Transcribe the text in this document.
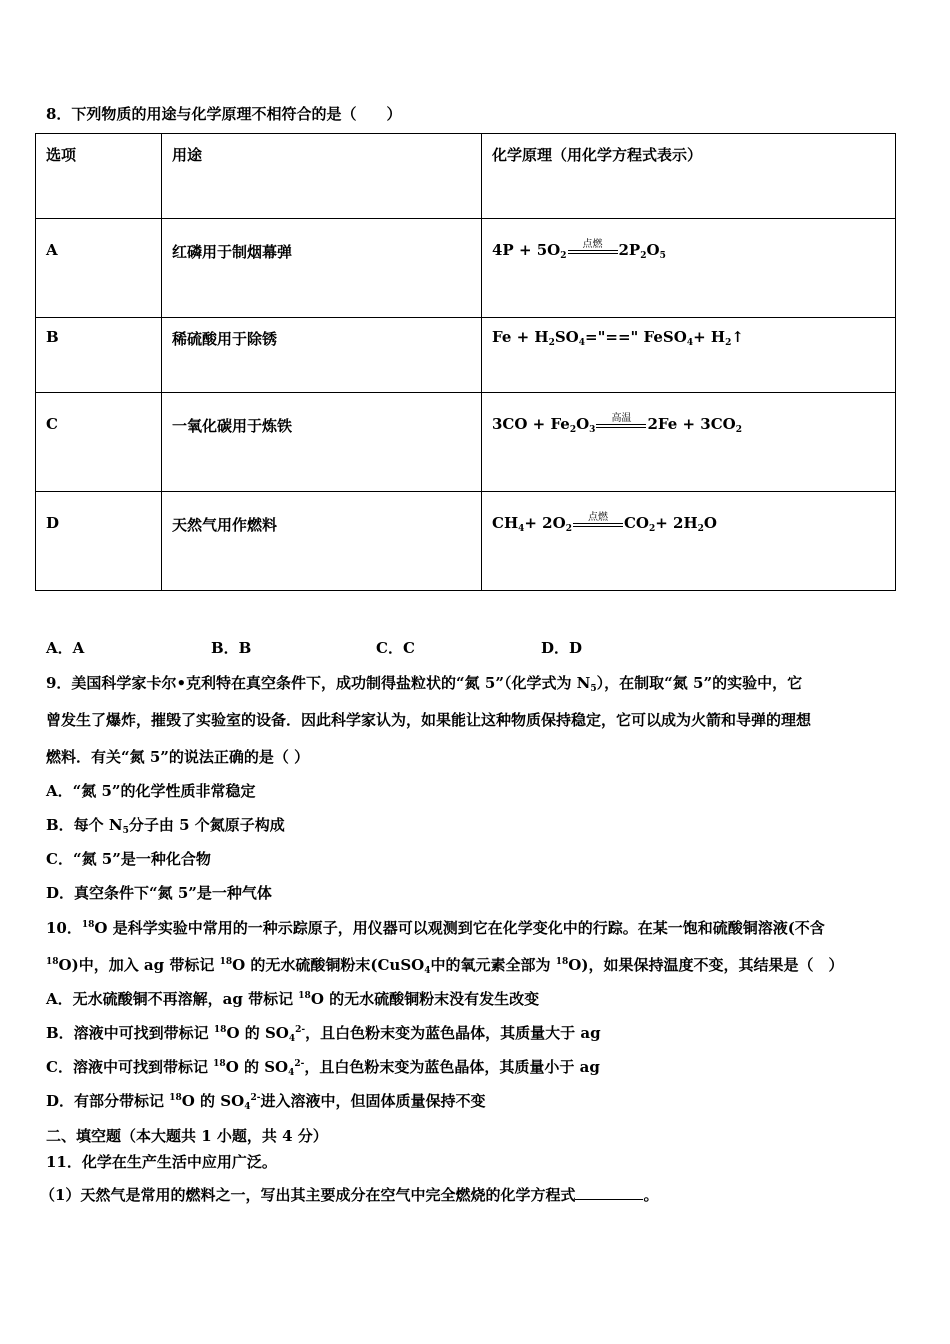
8．下列物质的用途与化学原理不相符合的是（　　）
选项	用途	化学原理（用化学方程式表示）
A	红磷用于制烟幕弹	$4P + 5O_2$
点燃 $2P_2O_5$
B	稀硫酸用于除锈	$Fe + H_2SO_4="==$" FeSO$_4$+ $H_2↑$
C	一氧化碳用于炼铁	$3CO + Fe_2O_3$
高温 $2Fe + 3CO_2$
D	天然气用作燃料	$CH_4+ 2O_2$
点燃 $CO_2+ 2H_2O$
A．A	B．B	C．C	D．D
9．美国科学家卡尔•克利特在真空条件下，成功制得盐粒状的“氮 5”（化学式为 $N_5$），在制取“氮 5”的实验中，它
曾发生了爆炸，摧毁了实验室的设备．因此科学家认为，如果能让这种物质保持稳定，它可以成为火箭和导弹的理想
燃料．有关“氮 5”的说法正确的是（ ）
A．“氮 5”的化学性质非常稳定
B．每个 $N_5$分子由 5 个氮原子构成
C．“氮 5”是一种化合物
D．真空条件下“氮 5”是一种气体
10．$^{18}$O 是科学实验中常用的一种示踪原子，用仪器可以观测到它在化学变化中的行踪。在某一饱和硫酸铜溶液(不含
$^{18}$O)中，加入 ag 带标记 $^{18}$O 的无水硫酸铜粉末(CuSO$_4$中的氧元素全部为 $^{18}$O)，如果保持温度不变，其结果是（　）
A．无水硫酸铜不再溶解，ag 带标记 $^{18}$O 的无水硫酸铜粉末没有发生改变
B．溶液中可找到带标记 $^{18}$O 的 $SO_4^{2-}$，且白色粉末变为蓝色晶体，其质量大于 ag
C．溶液中可找到带标记 $^{18}$O 的 $SO_4^{2-}$，且白色粉末变为蓝色晶体，其质量小于 ag
D．有部分带标记 $^{18}$O 的 $SO_4^{2-}$进入溶液中，但固体质量保持不变
二、填空题（本大题共 1 小题，共 4 分）
11．化学在生产生活中应用广泛。
（1）天然气是常用的燃料之一，写出其主要成分在空气中完全燃烧的化学方程式	。
